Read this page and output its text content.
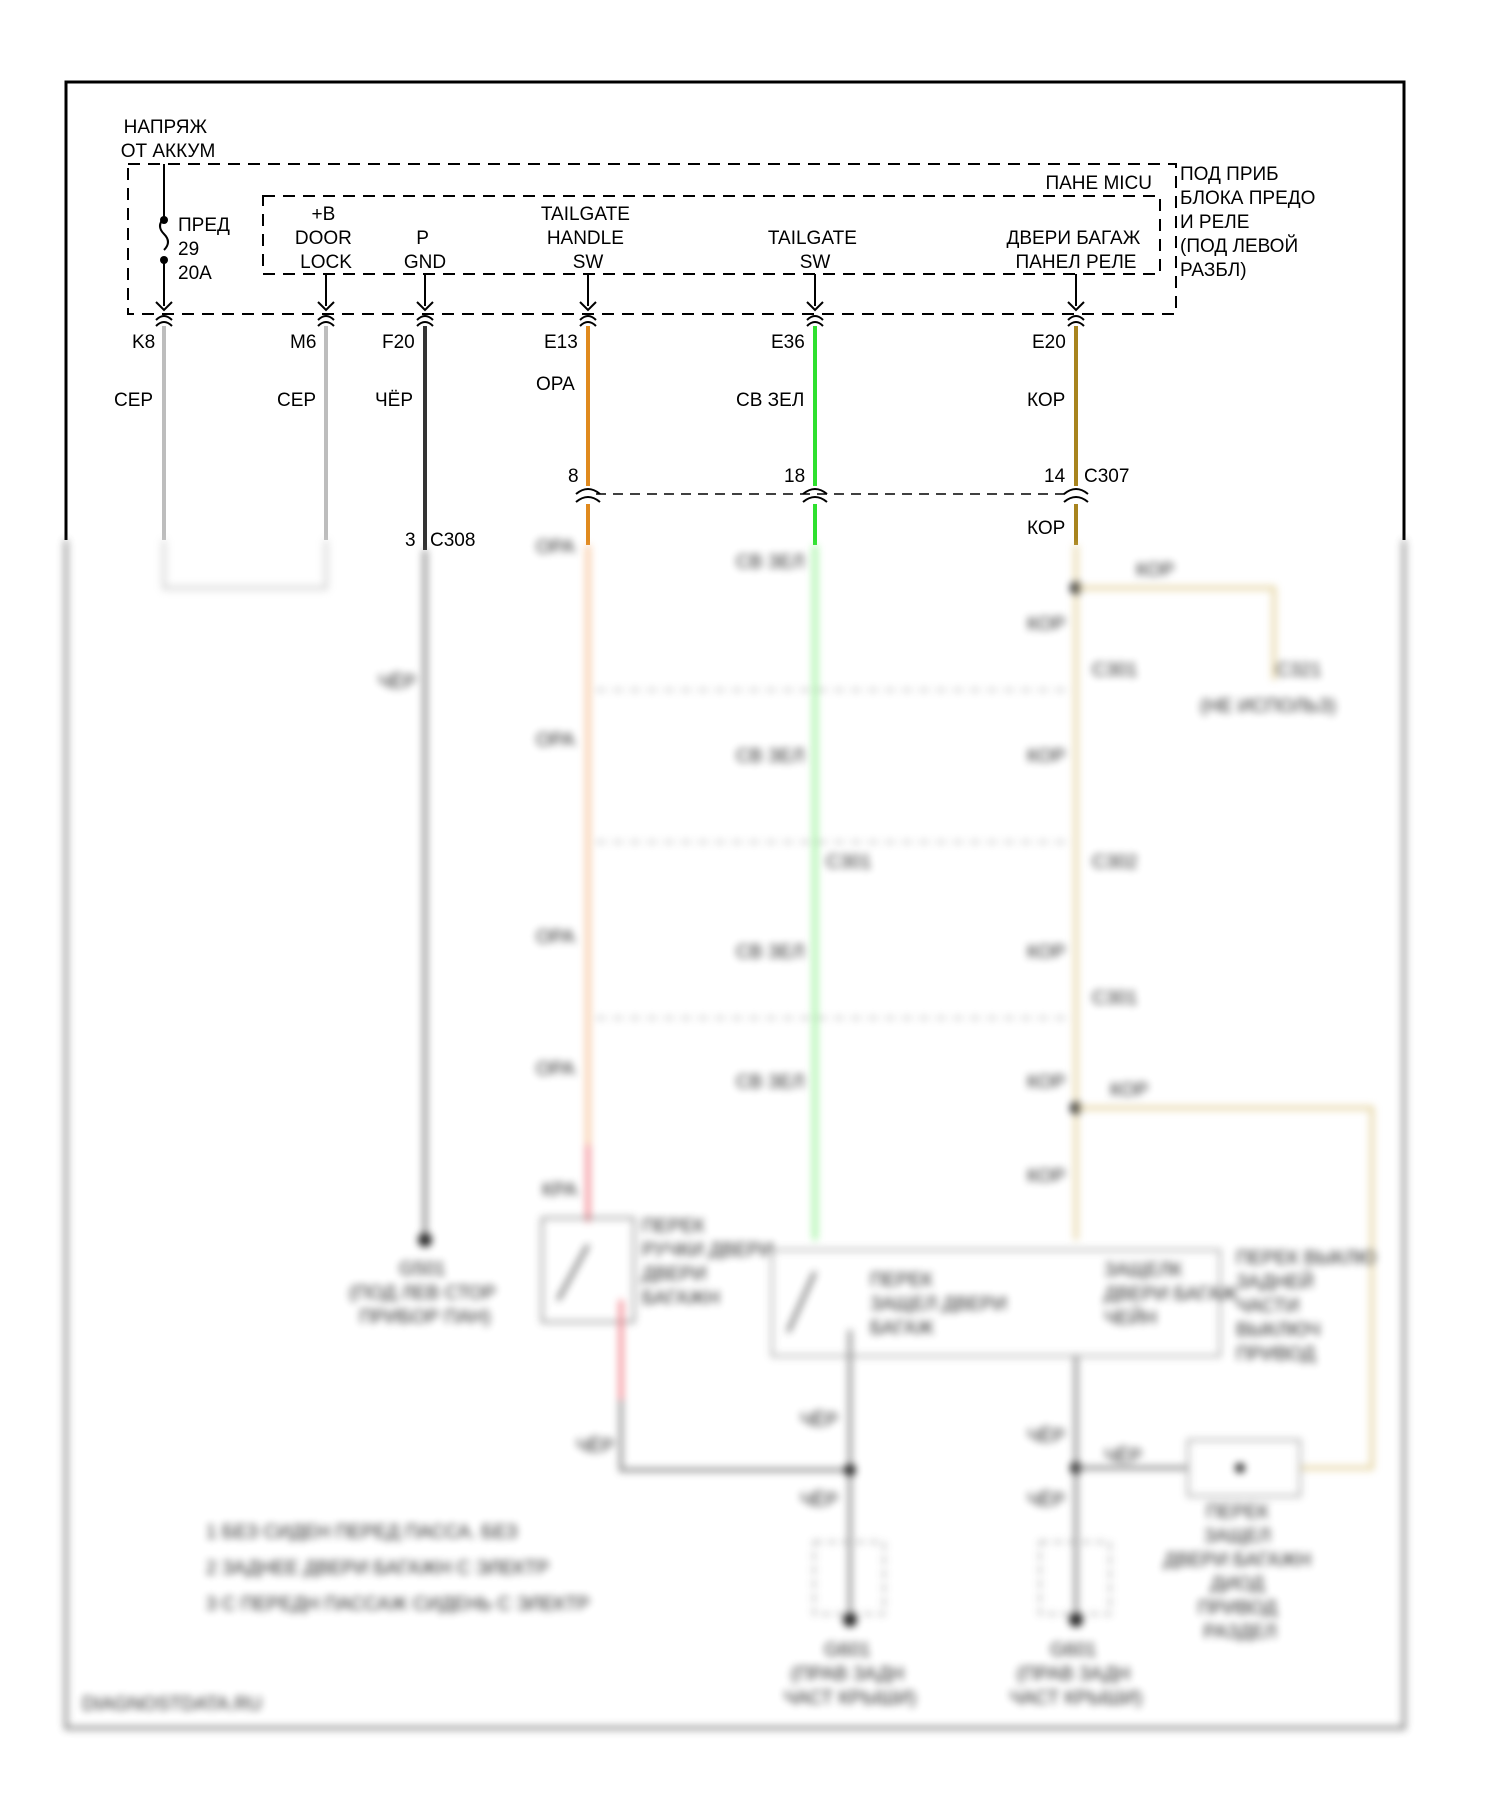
НАПРЯЖ ОТ АККУМ
ПОД ПРИБ БЛОКА ПРЕДО И РЕЛЕ (ПОД ЛЕВОЙ РАЗБЛ)
ПАНЕ MICU
ПРЕД 29 20A
K8
СЕР
+B DOOR LOCK
M6
СЕР
P GND
F20
ЧЁР
TAILGATE HANDLE SW
E13
ОРА
TAILGATE SW
E36
СВ ЗЕЛ
ДВЕРИ БАГАЖ ПАНЕЛ РЕЛЕ
E20
КОР
8	18	14 C307
КОР
3 C308
ЧЁР
G501 (ПОД ЛЕВ СТОР ПРИБОР ПАН)
ОРА
ОРА
ОРА
ОРА
КРА
СВ ЗЕЛ
СВ ЗЕЛ
СВ ЗЕЛ
СВ ЗЕЛ
КОР
КОР
КОР
КОР
КОР
КОР
КОР
C321
(НЕ ИСПОЛЬЗ)
C301
C301	C302
C301
ПЕРЕК РУЧКИ ДВЕРИ ДВЕРИ БАГАЖН
ПЕРЕК ЗАЩЕЛ ДВЕРИ БАГАЖ
ЗАЩЕЛК ДВЕРИ БАГАЖ ЧЕЙН
ПЕРЕК ВЫКЛЮ ЗАДНЕЙ ЧАСТИ ВЫКЛЮЧ ПРИВОД
ЧЁР
ЧЁР
ЧЁР	ЧЁР
ЧЁР
ЧЁР
ПЕРЕК ЗАЩЕЛ ДВЕРИ БАГАЖН ДИОД ПРИВОД РАЗДЕЛ
G601 (ПРАВ ЗАДН ЧАСТ КРЫШИ)
G601 (ПРАВ ЗАДН ЧАСТ КРЫШИ)
1 БЕЗ СИДЕН ПЕРЕД ПАССА. БЕЗ 2 ЗАДНЕЕ ДВЕРИ БАГАЖН С ЭЛЕКТР 3 С ПЕРЕДН ПАССАЖ СИДЕНЬ С ЭЛЕКТР
DIAGNOSTDATA.RU
